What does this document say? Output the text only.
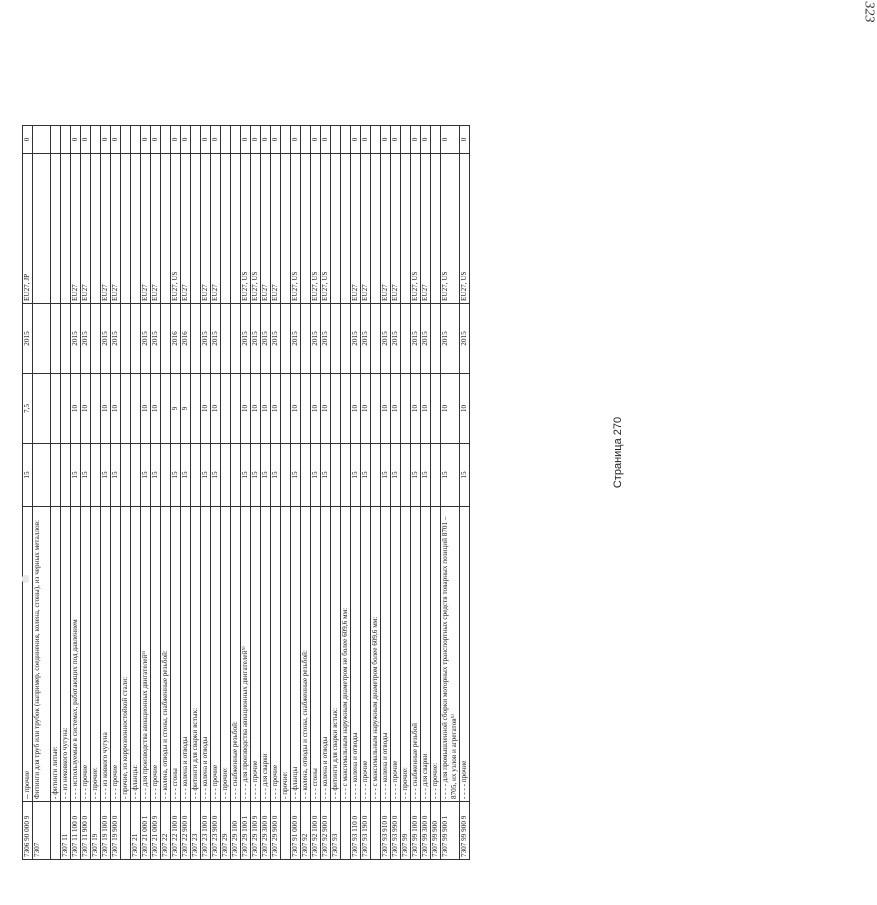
7306 90 000 9	-- прочие	15	7,5	2015	EU27, JP	0
7307	Фитинги для труб или трубок (например, соединения, колена, сгоны), из черных металлов:					
	- фитинги литые:					
7307 11	- - из нековкого чугуна:					
7307 11 100 0	- - - используемые в системах, работающих под давлением	15	10	2015	EU27	0
7307 11 900 0	- - - прочие	15	10	2015	EU27	0
7307 19	- - прочие:					
7307 19 100 0	- - - из ковкого чугуна	15	10	2015	EU27	0
7307 19 900 0	- - - прочие	15	10	2015	EU27	0
	- прочие, из коррозионностойкой стали:					
7307 21	- - фланцы:					
7307 21 000 1	- - - для производства авиационных двигателей⁵⁾	15	10	2015	EU27	0
7307 21 000 9	- - - прочие	15	10	2015	EU27	0
7307 22	- - колена, отводы и сгоны, снабженные резьбой:					
7307 22 100 0	- - - сгоны	15	9	2016	EU27, US	0
7307 22 900 0	- - - колена и отводы	15	9	2016	EU27	0
7307 23	- - фитинги для сварки встык:					
7307 23 100 0	- - - колена и отводы	15	10	2015	EU27	0
7307 23 900 0	- - - прочие	15	10	2015	EU27	0
7307 29	- - прочие:					
7307 29 100	- - - снабженные резьбой:					
7307 29 100 1	- - - - для производства авиационных двигателей⁵⁾	15	10	2015	EU27, US	0
7307 29 100 9	- - - - прочие	15	10	2015	EU27, US	0
7307 29 300 0	- - - для сварки	15	10	2015	EU27	0
7307 29 900 0	- - - прочие	15	10	2015	EU27	0
	- прочие:					
7307 91 000 0	- - фланцы	15	10	2015	EU27, US	0
7307 92	- - колена, отводы и сгоны, снабженные резьбой:					
7307 92 100 0	- - - сгоны	15	10	2015	EU27, US	0
7307 92 900 0	- - - колена и отводы	15	10	2015	EU27, US	0
7307 93	- - фитинги для сварки встык:					
	- - - с максимальным наружным диаметром не более 609,6 мм:					
7307 93 110 0	- - - - колена и отводы	15	10	2015	EU27	0
7307 93 190 0	- - - - прочие	15	10	2015	EU27	0
	- - - с максимальным наружным диаметром более 609,6 мм:					
7307 93 910 0	- - - - колена и отводы	15	10	2015	EU27	0
7307 93 990 0	- - - - прочие	15	10	2015	EU27	0
7307 99	- - прочие:					
7307 99 100 0	- - - снабженные резьбой	15	10	2015	EU27, US	0
7307 99 300 0	- - - для сварки	15	10	2015	EU27	0
7307 99 900	- - - прочие:					
7307 99 900 1	- - - - для промышленной сборки моторных транспортных средств товарных позиций 8701 – 8705, их узлов и агрегатов⁵⁾	15	10	2015	EU27, US	0
7307 99 900 9	- - - - прочие	15	10	2015	EU27, US	0
Страница 270
323
